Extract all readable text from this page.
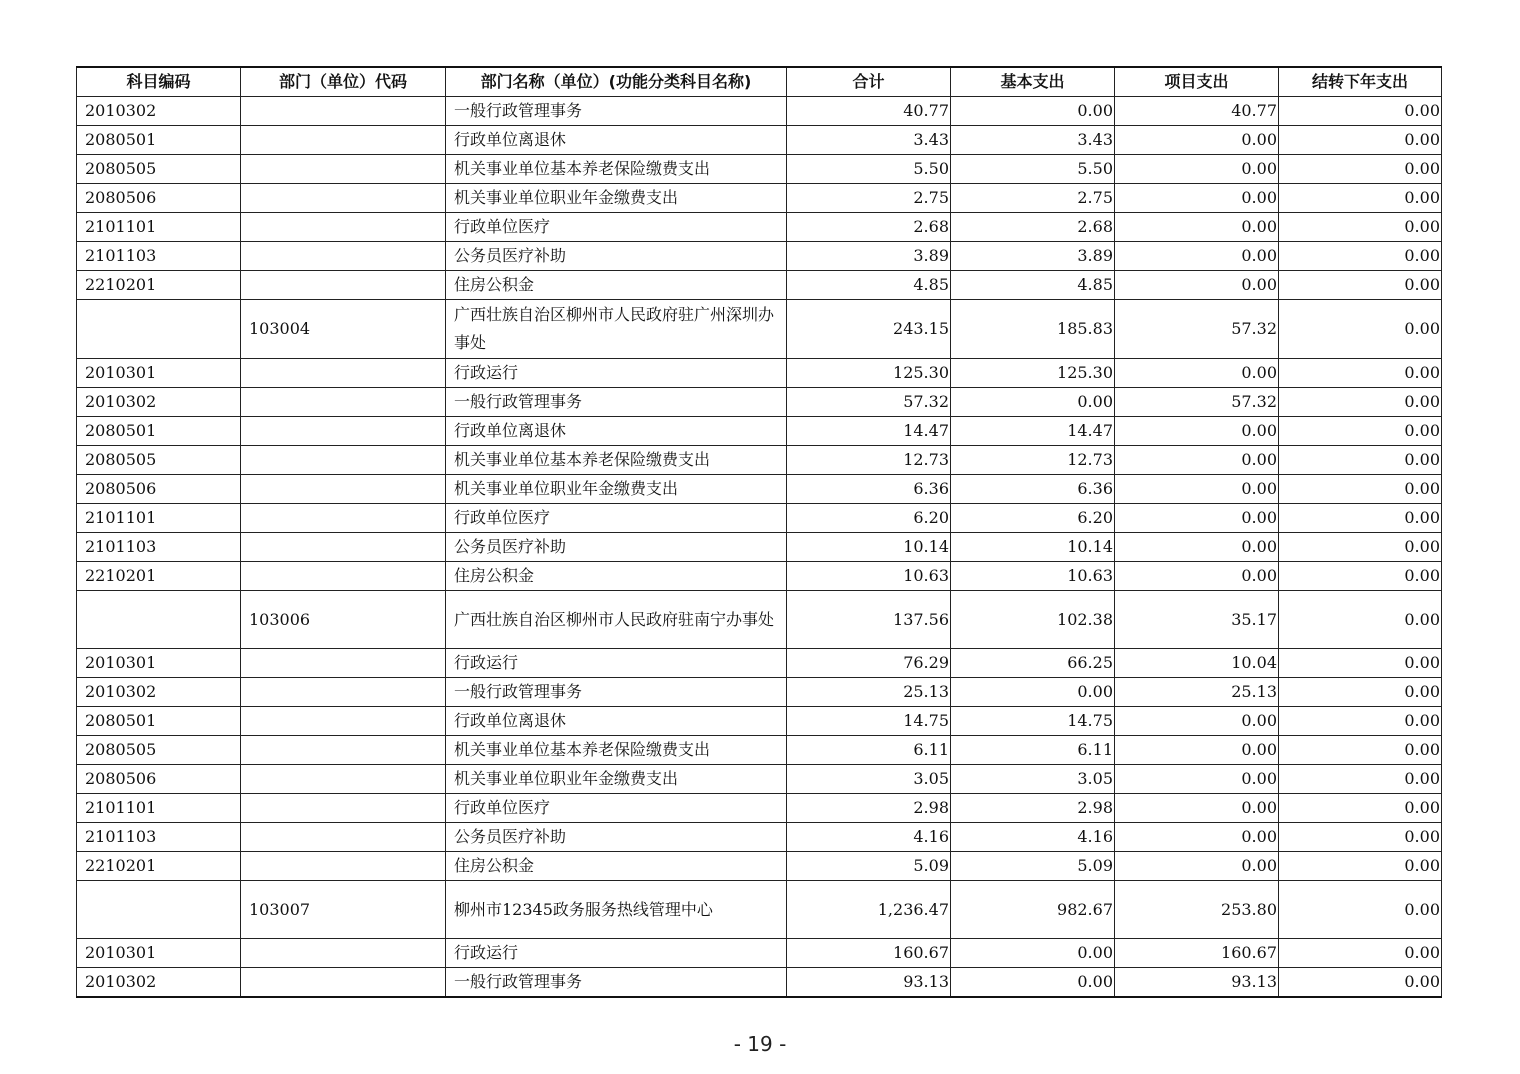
科目编码	部门（单位）代码	部门名称（单位）(功能分类科目名称)	合计	基本支出	项目支出	结转下年支出
2010302		一般行政管理事务	40.77	0.00	40.77	0.00
2080501		行政单位离退休	3.43	3.43	0.00	0.00
2080505		机关事业单位基本养老保险缴费支出	5.50	5.50	0.00	0.00
2080506		机关事业单位职业年金缴费支出	2.75	2.75	0.00	0.00
2101101		行政单位医疗	2.68	2.68	0.00	0.00
2101103		公务员医疗补助	3.89	3.89	0.00	0.00
2210201		住房公积金	4.85	4.85	0.00	0.00
	103004	广西壮族自治区柳州市人民政府驻广州深圳办事处	243.15	185.83	57.32	0.00
2010301		行政运行	125.30	125.30	0.00	0.00
2010302		一般行政管理事务	57.32	0.00	57.32	0.00
2080501		行政单位离退休	14.47	14.47	0.00	0.00
2080505		机关事业单位基本养老保险缴费支出	12.73	12.73	0.00	0.00
2080506		机关事业单位职业年金缴费支出	6.36	6.36	0.00	0.00
2101101		行政单位医疗	6.20	6.20	0.00	0.00
2101103		公务员医疗补助	10.14	10.14	0.00	0.00
2210201		住房公积金	10.63	10.63	0.00	0.00
	103006	广西壮族自治区柳州市人民政府驻南宁办事处	137.56	102.38	35.17	0.00
2010301		行政运行	76.29	66.25	10.04	0.00
2010302		一般行政管理事务	25.13	0.00	25.13	0.00
2080501		行政单位离退休	14.75	14.75	0.00	0.00
2080505		机关事业单位基本养老保险缴费支出	6.11	6.11	0.00	0.00
2080506		机关事业单位职业年金缴费支出	3.05	3.05	0.00	0.00
2101101		行政单位医疗	2.98	2.98	0.00	0.00
2101103		公务员医疗补助	4.16	4.16	0.00	0.00
2210201		住房公积金	5.09	5.09	0.00	0.00
	103007	柳州市12345政务服务热线管理中心	1,236.47	982.67	253.80	0.00
2010301		行政运行	160.67	0.00	160.67	0.00
2010302		一般行政管理事务	93.13	0.00	93.13	0.00
- 19 -
